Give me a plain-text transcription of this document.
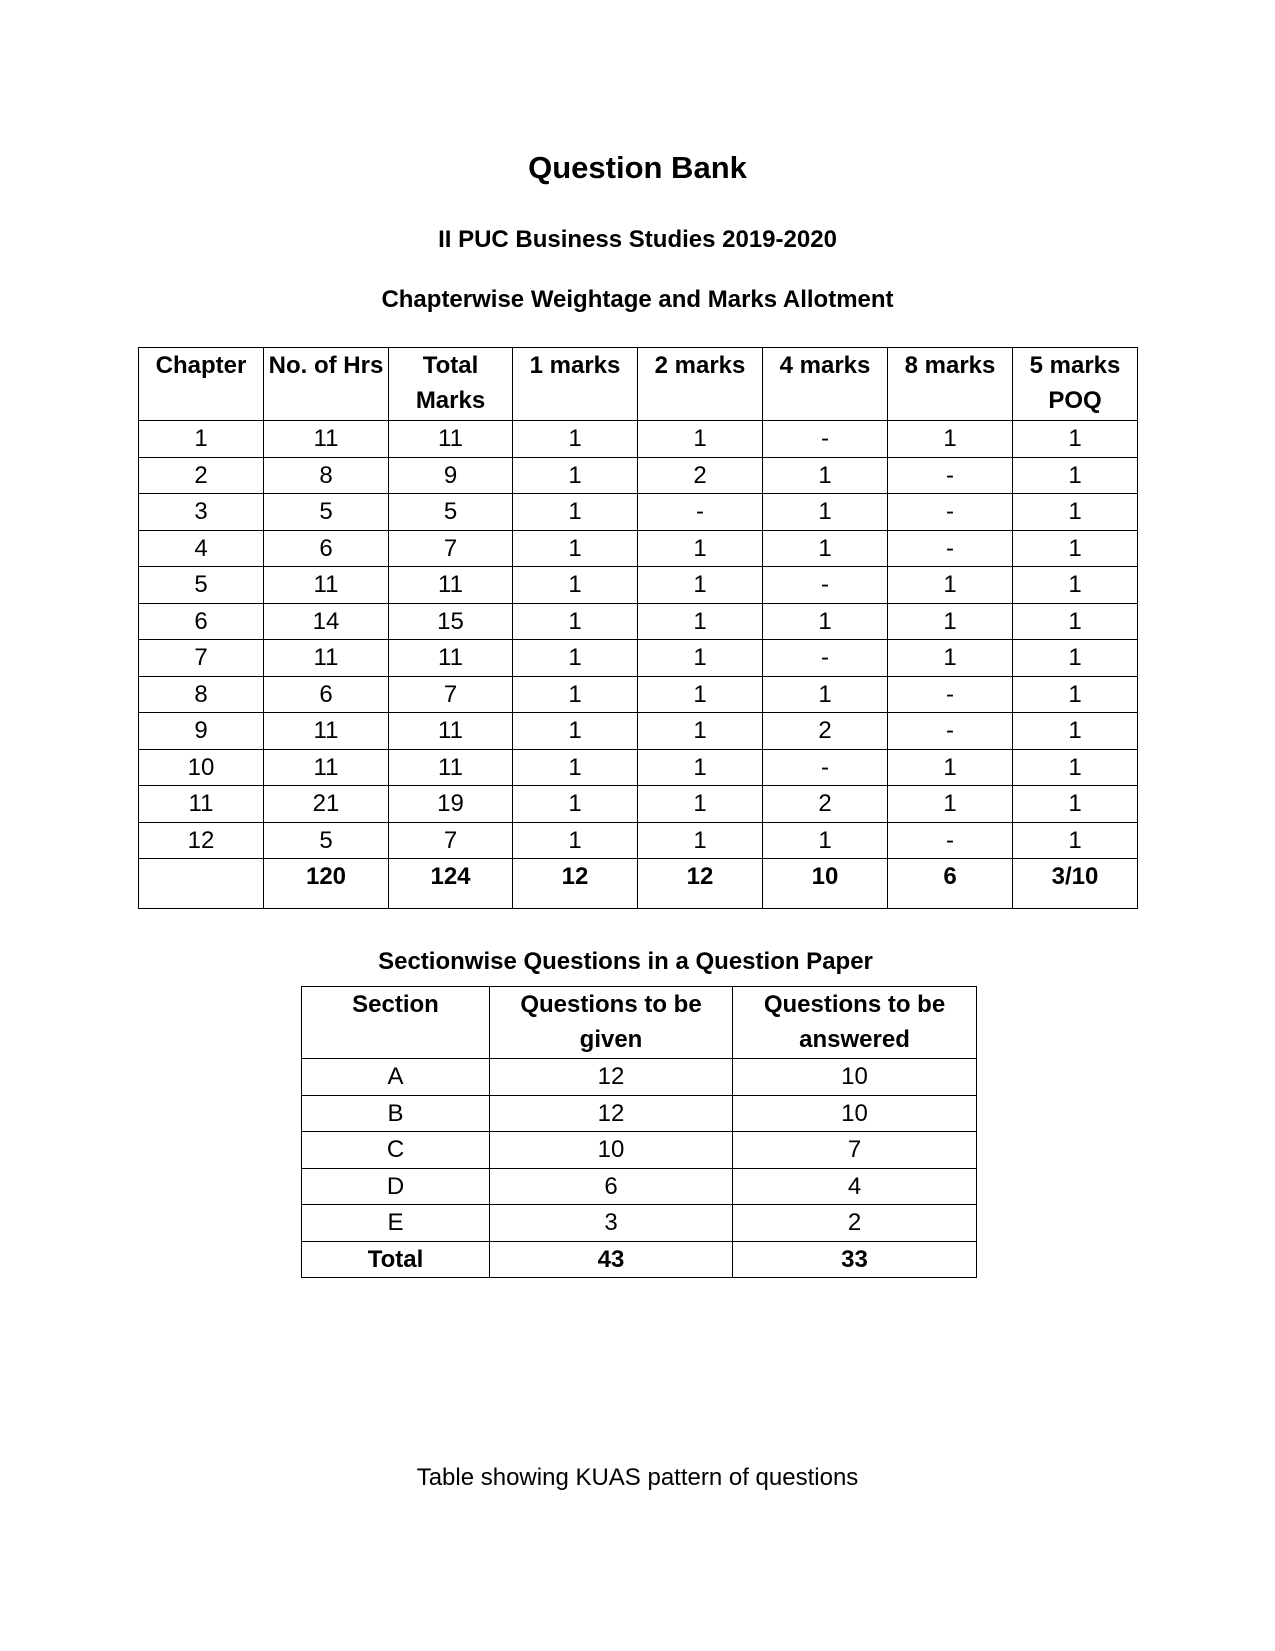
Question Bank
II PUC Business Studies 2019-2020
Chapterwise Weightage and Marks Allotment
Chapter	No. of Hrs	Total Marks	1 marks	2 marks	4 marks	8 marks	5 marks POQ
1	11	11	1	1	-	1	1
2	8	9	1	2	1	-	1
3	5	5	1	-	1	-	1
4	6	7	1	1	1	-	1
5	11	11	1	1	-	1	1
6	14	15	1	1	1	1	1
7	11	11	1	1	-	1	1
8	6	7	1	1	1	-	1
9	11	11	1	1	2	-	1
10	11	11	1	1	-	1	1
11	21	19	1	1	2	1	1
12	5	7	1	1	1	-	1
	120	124	12	12	10	6	3/10
Sectionwise Questions in a Question Paper
Section	Questions to be given	Questions to be answered
A	12	10
B	12	10
C	10	7
D	6	4
E	3	2
Total	43	33

Table showing KUAS pattern of questions
